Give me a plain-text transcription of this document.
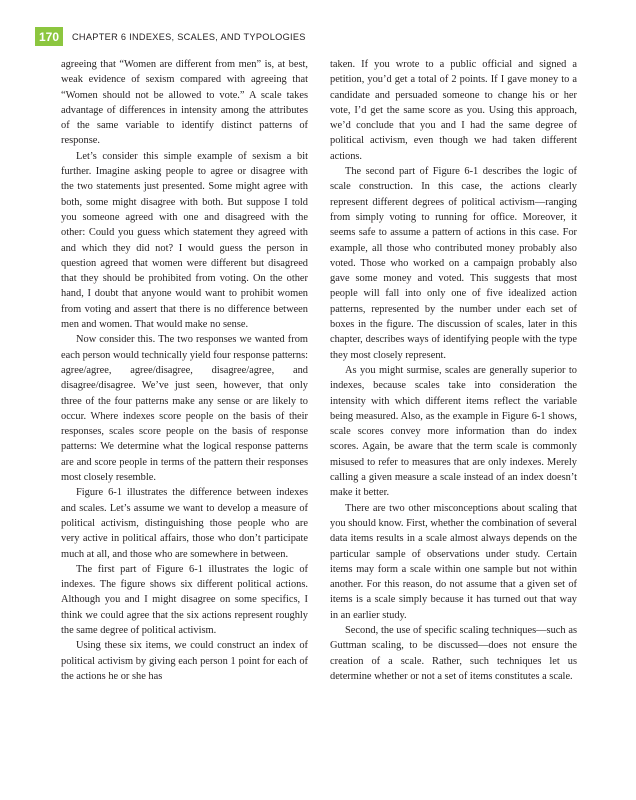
170	CHAPTER 6 INDEXES, SCALES, AND TYPOLOGIES

agreeing that “Women are different from men” is, at best, weak evidence of sexism compared with agreeing that “Women should not be allowed to vote.” A scale takes advantage of differences in intensity among the attributes of the same variable to identify distinct patterns of response.

Let’s consider this simple example of sexism a bit further. Imagine asking people to agree or disagree with the two statements just presented. Some might agree with both, some might disagree with both. But suppose I told you someone agreed with one and disagreed with the other: Could you guess which statement they agreed with and which they did not? I would guess the person in question agreed that women were different but disagreed that they should be prohibited from voting. On the other hand, I doubt that anyone would want to prohibit women from voting and assert that there is no difference between men and women. That would make no sense.

Now consider this. The two responses we wanted from each person would technically yield four response patterns: agree/agree, agree/disagree, disagree/agree, and disagree/disagree. We’ve just seen, however, that only three of the four patterns make any sense or are likely to occur. Where indexes score people on the basis of their responses, scales score people on the basis of response patterns: We determine what the logical response patterns are and score people in terms of the pattern their responses most closely resemble.

Figure 6-1 illustrates the difference between indexes and scales. Let’s assume we want to develop a measure of political activism, distinguishing those people who are very active in political affairs, those who don’t participate much at all, and those who are somewhere in between.

The first part of Figure 6-1 illustrates the logic of indexes. The figure shows six different political actions. Although you and I might disagree on some specifics, I think we could agree that the six actions represent roughly the same degree of political activism.

Using these six items, we could construct an index of political activism by giving each person 1 point for each of the actions he or she has

taken. If you wrote to a public official and signed a petition, you’d get a total of 2 points. If I gave money to a candidate and persuaded someone to change his or her vote, I’d get the same score as you. Using this approach, we’d conclude that you and I had the same degree of political activism, even though we had taken different actions.

The second part of Figure 6-1 describes the logic of scale construction. In this case, the actions clearly represent different degrees of political activism—ranging from simply voting to running for office. Moreover, it seems safe to assume a pattern of actions in this case. For example, all those who contributed money probably also voted. Those who worked on a campaign probably also gave some money and voted. This suggests that most people will fall into only one of five idealized action patterns, represented by the number under each set of boxes in the figure. The discussion of scales, later in this chapter, describes ways of identifying people with the type they most closely represent.

As you might surmise, scales are generally superior to indexes, because scales take into consideration the intensity with which different items reflect the variable being measured. Also, as the example in Figure 6-1 shows, scale scores convey more information than do index scores. Again, be aware that the term scale is commonly misused to refer to measures that are only indexes. Merely calling a given measure a scale instead of an index doesn’t make it better.

There are two other misconceptions about scaling that you should know. First, whether the combination of several data items results in a scale almost always depends on the particular sample of observations under study. Certain items may form a scale within one sample but not within another. For this reason, do not assume that a given set of items is a scale simply because it has turned out that way in an earlier study.

Second, the use of specific scaling techniques—such as Guttman scaling, to be discussed—does not ensure the creation of a scale. Rather, such techniques let us determine whether or not a set of items constitutes a scale.
